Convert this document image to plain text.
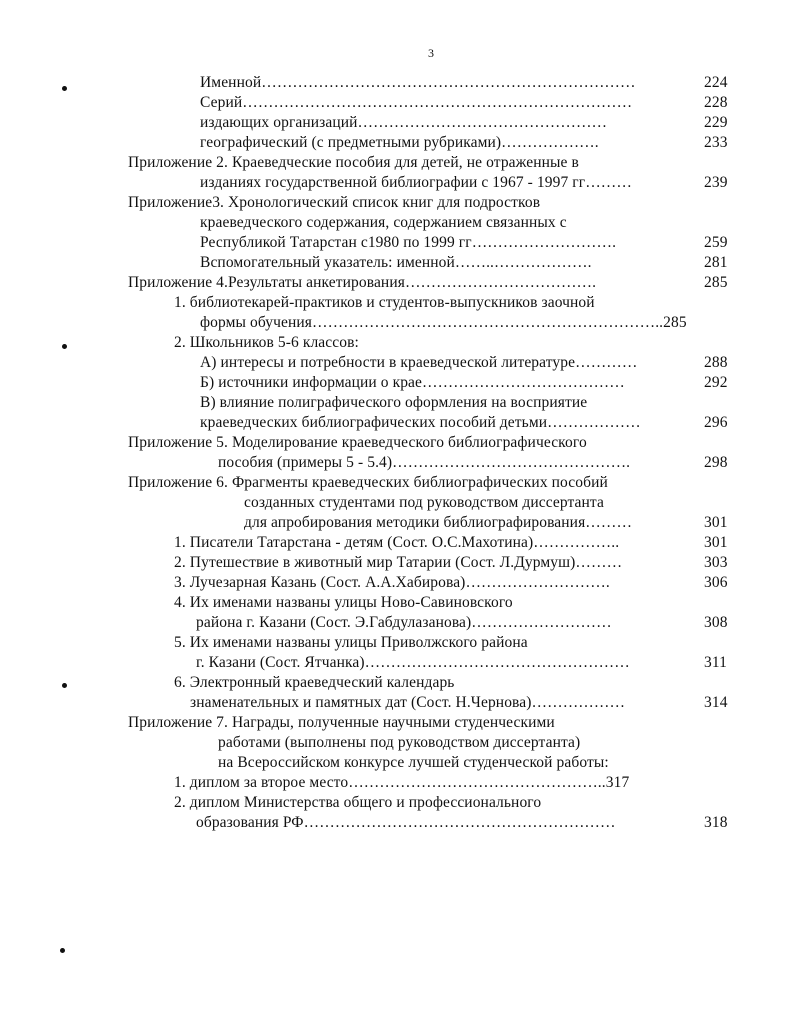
3
Именной………………………………………………………………	224
Серий…………………………………………………………………	228
издающих организаций…………………………………………	229
географический (с предметными рубриками)……………….	233
Приложение 2. Краеведческие пособия для детей, не отраженные в
изданиях государственной библиографии с 1967 - 1997 гг………	239
Приложение3. Хронологический список книг для подростков
краеведческого содержания, содержанием связанных с
Республикой Татарстан с1980 по 1999 гг……………………….	259
Вспомогательный указатель: именной……..……………….	281
Приложение 4.Результаты анкетирования……………………………….	285
1. библиотекарей-практиков и студентов-выпускников заочной
формы обучения…………………………………………………………..285
2. Школьников 5-6 классов:
А) интересы и потребности в краеведческой литературе…………	288
Б) источники информации о крае…………………………………	292
В) влияние полиграфического оформления на восприятие
краеведческих библиографических пособий детьми………………	296
Приложение 5. Моделирование краеведческого библиографического
пособия (примеры 5 - 5.4)……………………………………….	298
Приложение 6. Фрагменты краеведческих библиографических пособий
созданных студентами под руководством диссертанта
для апробирования методики библиографирования………	301
1. Писатели Татарстана - детям (Сост. О.С.Махотина)……………..	301
2. Путешествие в животный мир Татарии (Сост. Л.Дурмуш)………	303
3. Лучезарная Казань (Сост. А.А.Хабирова)……………………….	306
4. Их именами названы улицы Ново-Савиновского
района г. Казани (Сост. Э.Габдулазанова)………………………	308
5. Их именами названы улицы Приволжского района
г. Казани (Сост. Ятчанка)……………………………………………	311
6. Электронный краеведческий календарь
знаменательных и памятных дат (Сост. Н.Чернова)………………	314
Приложение 7. Награды, полученные научными студенческими
работами (выполнены под руководством диссертанта)
на Всероссийском конкурсе лучшей студенческой работы:
1. диплом за второе место…………………………………………..317
2. диплом Министерства общего и профессионального
образования РФ……………………………………………………	318
